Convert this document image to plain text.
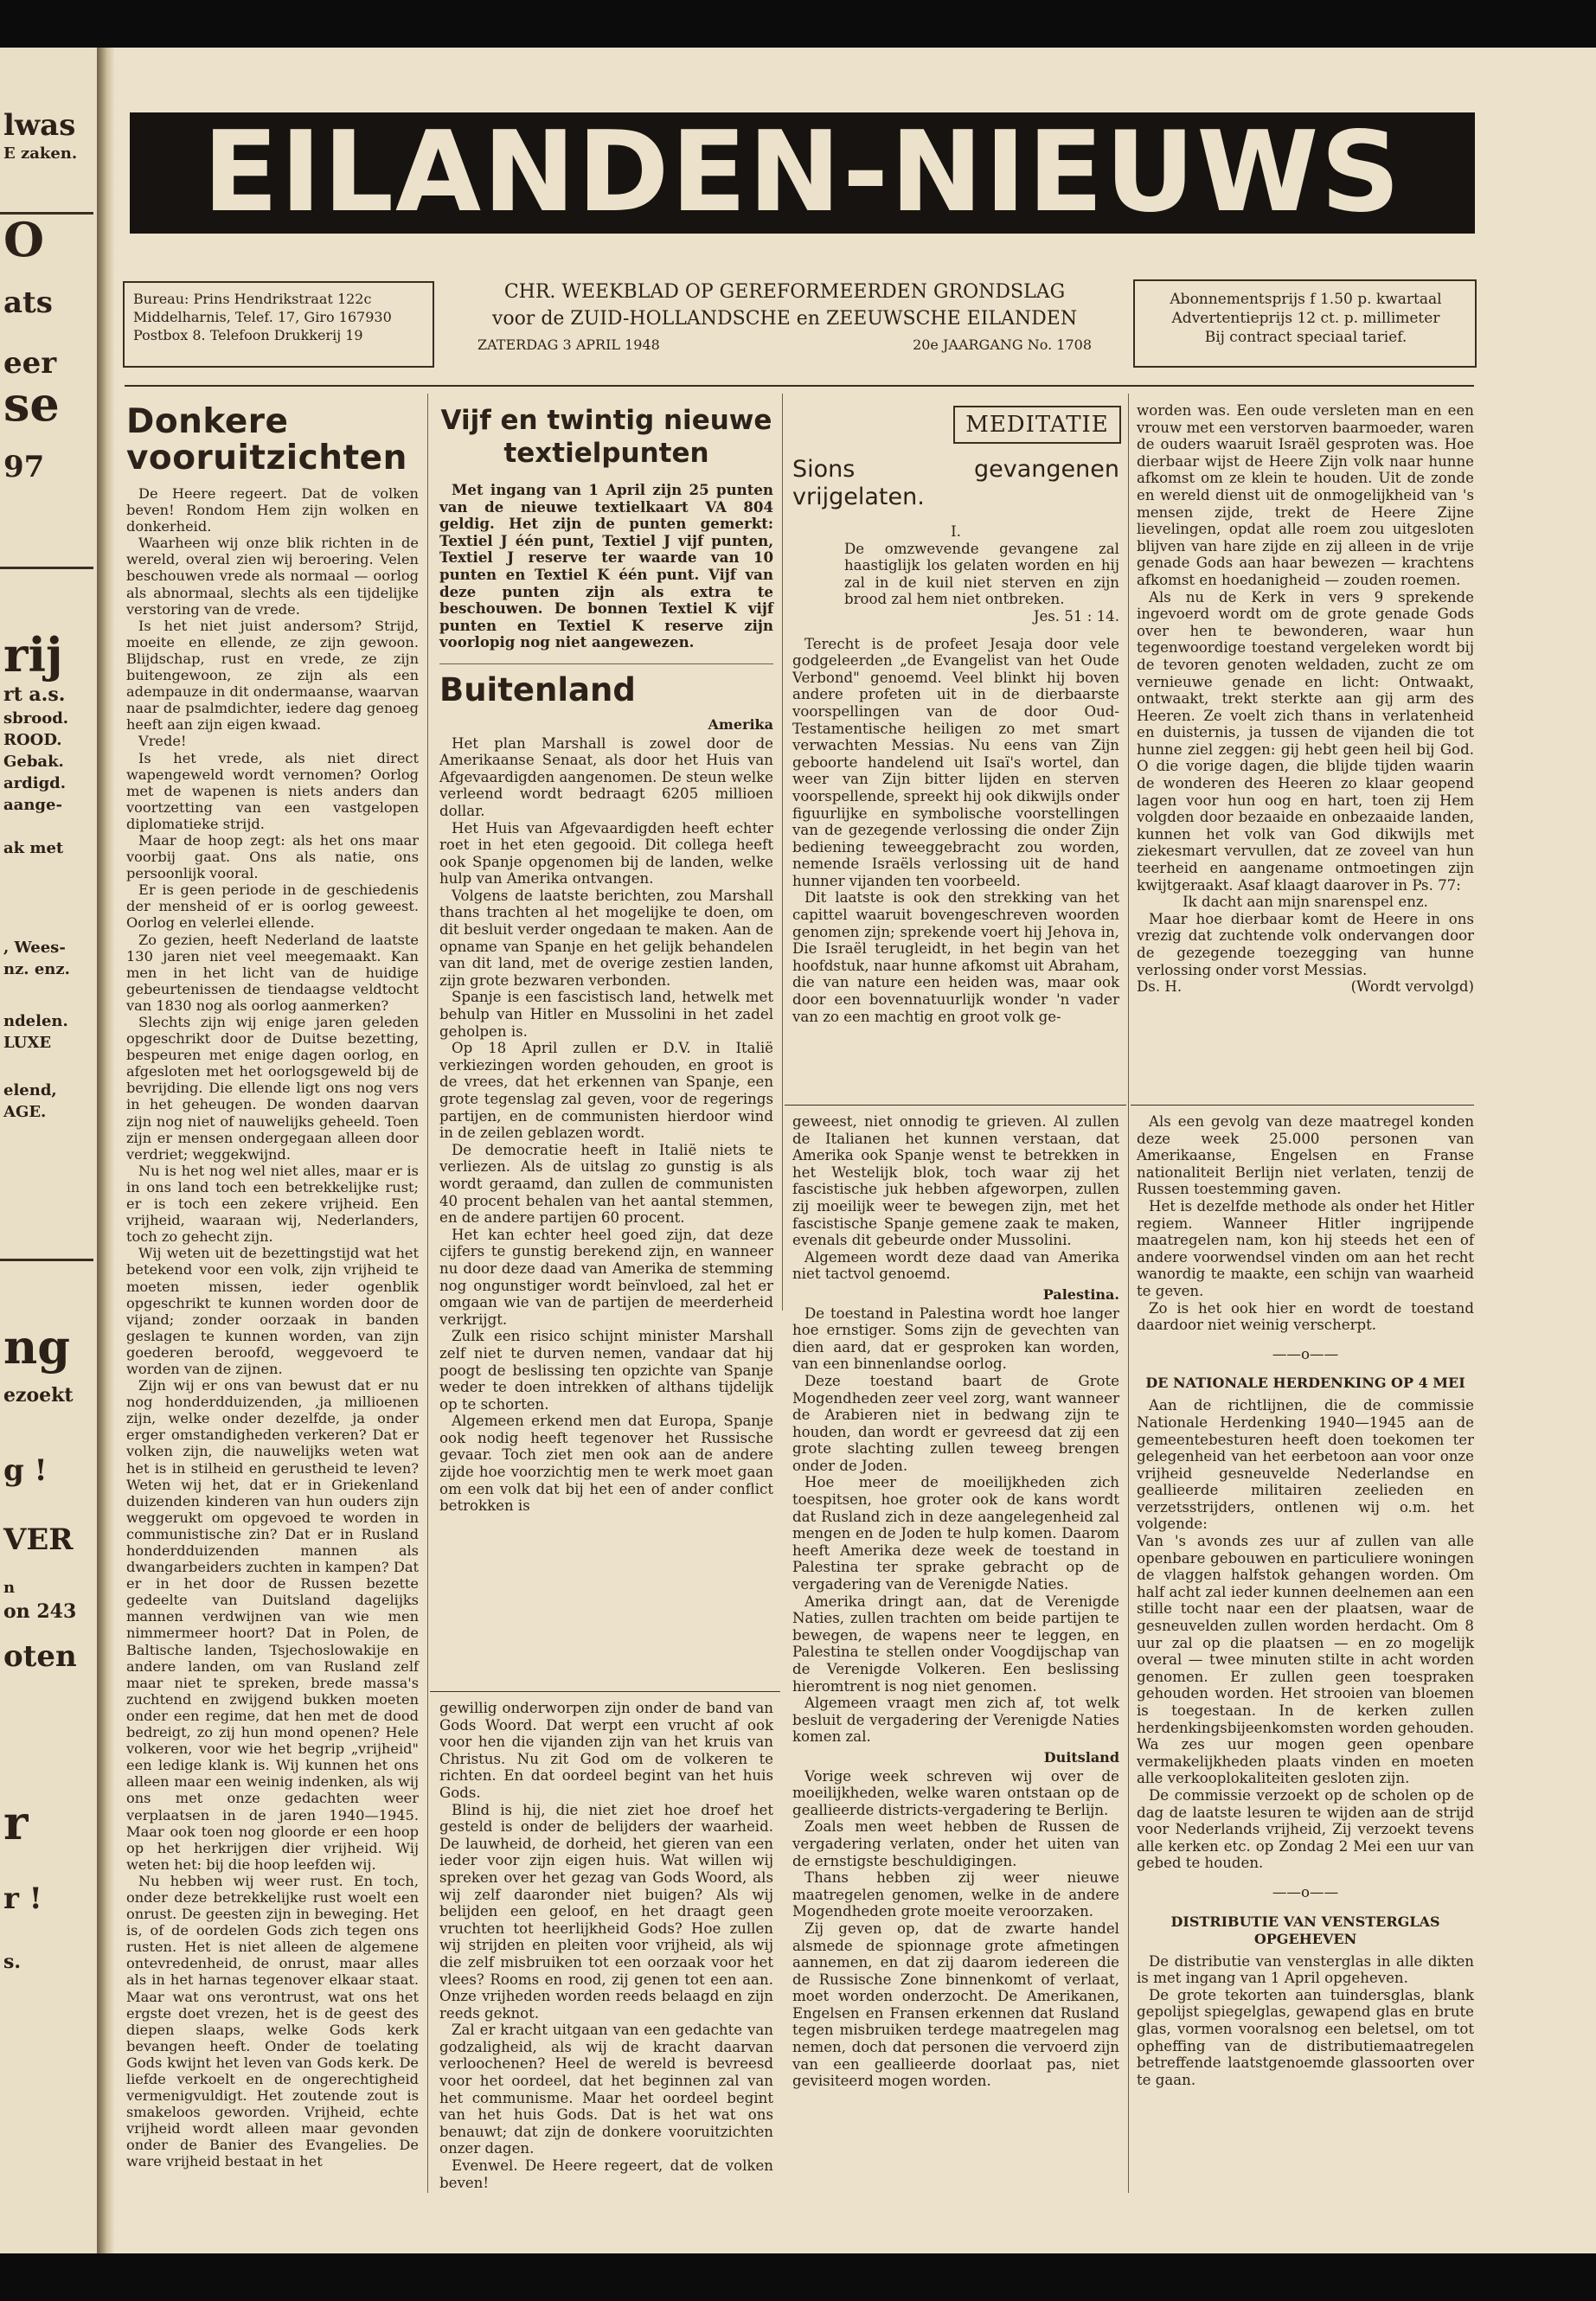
lwas
E zaken.
O
ats
eer
se
97
rij
rt a.s.
sbrood.
ROOD.
Gebak.
ardigd.
aange-
ak met
, Wees-
nz. enz.
ndelen.
LUXE
elend,
AGE.
ng
ezoekt
g !
VER
n
on 243
oten
r
r !
s.
EILANDEN-NIEUWS
Bureau: Prins Hendrikstraat 122c
Middelharnis, Telef. 17, Giro 167930
Postbox 8. Telefoon Drukkerij 19
CHR. WEEKBLAD OP GEREFORMEERDEN GRONDSLAG
voor de ZUID-HOLLANDSCHE en ZEEUWSCHE EILANDEN
ZATERDAG 3 APRIL 1948	20e JAARGANG No. 1708
Abonnementsprijs f 1.50 p. kwartaal
Advertentieprijs 12 ct. p. millimeter
Bij contract speciaal tarief.
Donkere vooruitzichten

De Heere regeert. Dat de volken beven! Rondom Hem zijn wolken en donkerheid.

Waarheen wij onze blik richten in de wereld, overal zien wij beroering. Velen beschouwen vrede als normaal — oorlog als abnormaal, slechts als een tijdelijke verstoring van de vrede.

Is het niet juist andersom? Strijd, moeite en ellende, ze zijn gewoon. Blijdschap, rust en vrede, ze zijn buitengewoon, ze zijn als een adempauze in dit ondermaanse, waarvan naar de psalmdichter, iedere dag genoeg heeft aan zijn eigen kwaad.

Vrede!

Is het vrede, als niet direct wapengeweld wordt vernomen? Oorlog met de wapenen is niets anders dan voortzetting van een vastgelopen diplomatieke strijd.

Maar de hoop zegt: als het ons maar voorbij gaat. Ons als natie, ons persoonlijk vooral.

Er is geen periode in de geschiedenis der mensheid of er is oorlog geweest. Oorlog en velerlei ellende.

Zo gezien, heeft Nederland de laatste 130 jaren niet veel meegemaakt. Kan men in het licht van de huidige gebeurtenissen de tiendaagse veldtocht van 1830 nog als oorlog aanmerken?

Slechts zijn wij enige jaren geleden opgeschrikt door de Duitse bezetting, bespeuren met enige dagen oorlog, en afgesloten met het oorlogsgeweld bij de bevrijding. Die ellende ligt ons nog vers in het geheugen. De wonden daarvan zijn nog niet of nauwelijks geheeld. Toen zijn er mensen ondergegaan alleen door verdriet; weggekwijnd.

Nu is het nog wel niet alles, maar er is in ons land toch een betrekkelijke rust; er is toch een zekere vrijheid. Een vrijheid, waaraan wij, Nederlanders, toch zo gehecht zijn.

Wij weten uit de bezettingstijd wat het betekend voor een volk, zijn vrijheid te moeten missen, ieder ogenblik opgeschrikt te kunnen worden door de vijand; zonder oorzaak in banden geslagen te kunnen worden, van zijn goederen beroofd, weggevoerd te worden van de zijnen.

Zijn wij er ons van bewust dat er nu nog honderdduizenden, ,ja millioenen zijn, welke onder dezelfde, ja onder erger omstandigheden verkeren? Dat er volken zijn, die nauwelijks weten wat het is in stilheid en gerustheid te leven? Weten wij het, dat er in Griekenland duizenden kinderen van hun ouders zijn weggerukt om opgevoed te worden in communistische zin? Dat er in Rusland honderdduizenden mannen als dwangarbeiders zuchten in kampen? Dat er in het door de Russen bezette gedeelte van Duitsland dagelijks mannen verdwijnen van wie men nimmermeer hoort? Dat in Polen, de Baltische landen, Tsjechoslowakije en andere landen, om van Rusland zelf maar niet te spreken, brede massa's zuchtend en zwijgend bukken moeten onder een regime, dat hen met de dood bedreigt, zo zij hun mond openen? Hele volkeren, voor wie het begrip „vrijheid" een ledige klank is. Wij kunnen het ons alleen maar een weinig indenken, als wij ons met onze gedachten weer verplaatsen in de jaren 1940—1945. Maar ook toen nog gloorde er een hoop op het herkrijgen dier vrijheid. Wij weten het: bij die hoop leefden wij.

Nu hebben wij weer rust. En toch, onder deze betrekkelijke rust woelt een onrust. De geesten zijn in beweging. Het is, of de oordelen Gods zich tegen ons rusten. Het is niet alleen de algemene ontevredenheid, de onrust, maar alles als in het harnas tegenover elkaar staat. Maar wat ons verontrust, wat ons het ergste doet vrezen, het is de geest des diepen slaaps, welke Gods kerk bevangen heeft. Onder de toelating Gods kwijnt het leven van Gods kerk. De liefde verkoelt en de ongerechtigheid vermenigvuldigt. Het zoutende zout is smakeloos geworden. Vrijheid, echte vrijheid wordt alleen maar gevonden onder de Banier des Evangelies. De ware vrijheid bestaat in het

Vijf en twintig nieuwe textielpunten

Met ingang van 1 April zijn 25 punten van de nieuwe textielkaart VA 804 geldig. Het zijn de punten gemerkt: Textiel J één punt, Textiel J vijf punten, Textiel J reserve ter waarde van 10 punten en Textiel K één punt. Vijf van deze punten zijn als extra te beschouwen. De bonnen Textiel K vijf punten en Textiel K reserve zijn voorlopig nog niet aangewezen.

Buitenland
Amerika

Het plan Marshall is zowel door de Amerikaanse Senaat, als door het Huis van Afgevaardigden aangenomen. De steun welke verleend wordt bedraagt 6205 millioen dollar.

Het Huis van Afgevaardigden heeft echter roet in het eten gegooid. Dit collega heeft ook Spanje opgenomen bij de landen, welke hulp van Amerika ontvangen.

Volgens de laatste berichten, zou Marshall thans trachten al het mogelijke te doen, om dit besluit verder ongedaan te maken. Aan de opname van Spanje en het gelijk behandelen van dit land, met de overige zestien landen, zijn grote bezwaren verbonden.

Spanje is een fascistisch land, hetwelk met behulp van Hitler en Mussolini in het zadel geholpen is.

Op 18 April zullen er D.V. in Italië verkiezingen worden gehouden, en groot is de vrees, dat het erkennen van Spanje, een grote tegenslag zal geven, voor de regerings partijen, en de communisten hierdoor wind in de zeilen geblazen wordt.

De democratie heeft in Italië niets te verliezen. Als de uitslag zo gunstig is als wordt geraamd, dan zullen de communisten 40 procent behalen van het aantal stemmen, en de andere partijen 60 procent.

Het kan echter heel goed zijn, dat deze cijfers te gunstig berekend zijn, en wanneer nu door deze daad van Amerika de stemming nog ongunstiger wordt beïnvloed, zal het er omgaan wie van de partijen de meerderheid verkrijgt.

Zulk een risico schijnt minister Marshall zelf niet te durven nemen, vandaar dat hij poogt de beslissing ten opzichte van Spanje weder te doen intrekken of althans tijdelijk op te schorten.

Algemeen erkend men dat Europa, Spanje ook nodig heeft tegenover het Russische gevaar. Toch ziet men ook aan de andere zijde hoe voorzichtig men te werk moet gaan om een volk dat bij het een of ander conflict betrokken is

MEDITATIE
Sions gevangenen vrijgelaten.
I.

De omzwevende gevangene zal haastiglijk los gelaten worden en hij zal in de kuil niet sterven en zijn brood zal hem niet ontbreken.

Jes. 51 : 14.

Terecht is de profeet Jesaja door vele godgeleerden „de Evangelist van het Oude Verbond" genoemd. Veel blinkt hij boven andere profeten uit in de dierbaarste voorspellingen van de door Oud-Testamentische heiligen zo met smart verwachten Messias. Nu eens van Zijn geboorte handelend uit Isaï's wortel, dan weer van Zijn bitter lijden en sterven voorspellende, spreekt hij ook dikwijls onder figuurlijke en symbolische voorstellingen van de gezegende verlossing die onder Zijn bediening teweeggebracht zou worden, nemende Israëls verlossing uit de hand hunner vijanden ten voorbeeld.

Dit laatste is ook den strekking van het capittel waaruit bovengeschreven woorden genomen zijn; sprekende voert hij Jehova in, Die Israël terugleidt, in het begin van het hoofdstuk, naar hunne afkomst uit Abraham, die van nature een heiden was, maar ook door een bovennatuurlijk wonder 'n vader van zo een machtig en groot volk ge-

worden was. Een oude versleten man en een vrouw met een verstorven baarmoeder, waren de ouders waaruit Israël gesproten was. Hoe dierbaar wijst de Heere Zijn volk naar hunne afkomst om ze klein te houden. Uit de zonde en wereld dienst uit de onmogelijkheid van 's mensen zijde, trekt de Heere Zijne lievelingen, opdat alle roem zou uitgesloten blijven van hare zijde en zij alleen in de vrije genade Gods aan haar bewezen — krachtens afkomst en hoedanigheid — zouden roemen.

Als nu de Kerk in vers 9 sprekende ingevoerd wordt om de grote genade Gods over hen te bewonderen, waar hun tegenwoordige toestand vergeleken wordt bij de tevoren genoten weldaden, zucht ze om vernieuwe genade en licht: Ontwaakt, ontwaakt, trekt sterkte aan gij arm des Heeren. Ze voelt zich thans in verlatenheid en duisternis, ja tussen de vijanden die tot hunne ziel zeggen: gij hebt geen heil bij God. O die vorige dagen, die blijde tijden waarin de wonderen des Heeren zo klaar geopend lagen voor hun oog en hart, toen zij Hem volgden door bezaaide en onbezaaide landen, kunnen het volk van God dikwijls met ziekesmart vervullen, dat ze zoveel van hun teerheid en aangename ontmoetingen zijn kwijtgeraakt. Asaf klaagt daarover in Ps. 77:

Ik dacht aan mijn snarenspel enz.

Maar hoe dierbaar komt de Heere in ons vrezig dat zuchtende volk ondervangen door de gezegende toezegging van hunne verlossing onder vorst Messias.

Ds. H.	(Wordt vervolgd)

gewillig onderworpen zijn onder de band van Gods Woord. Dat werpt een vrucht af ook voor hen die vijanden zijn van het kruis van Christus. Nu zit God om de volkeren te richten. En dat oordeel begint van het huis Gods.

Blind is hij, die niet ziet hoe droef het gesteld is onder de belijders der waarheid. De lauwheid, de dorheid, het gieren van een ieder voor zijn eigen huis. Wat willen wij spreken over het gezag van Gods Woord, als wij zelf daaronder niet buigen? Als wij belijden een geloof, en het draagt geen vruchten tot heerlijkheid Gods? Hoe zullen wij strijden en pleiten voor vrijheid, als wij die zelf misbruiken tot een oorzaak voor het vlees? Rooms en rood, zij genen tot een aan. Onze vrijheden worden reeds belaagd en zijn reeds geknot.

Zal er kracht uitgaan van een gedachte van godzaligheid, als wij de kracht daarvan verloochenen? Heel de wereld is bevreesd voor het oordeel, dat het beginnen zal van het communisme. Maar het oordeel begint van het huis Gods. Dat is het wat ons benauwt; dat zijn de donkere vooruitzichten onzer dagen.

Evenwel. De Heere regeert, dat de volken beven!

geweest, niet onnodig te grieven. Al zullen de Italianen het kunnen verstaan, dat Amerika ook Spanje wenst te betrekken in het Westelijk blok, toch waar zij het fascistische juk hebben afgeworpen, zullen zij moeilijk weer te bewegen zijn, met het fascistische Spanje gemene zaak te maken, evenals dit gebeurde onder Mussolini.

Algemeen wordt deze daad van Amerika niet tactvol genoemd.

Palestina.

De toestand in Palestina wordt hoe langer hoe ernstiger. Soms zijn de gevechten van dien aard, dat er gesproken kan worden, van een binnenlandse oorlog.

Deze toestand baart de Grote Mogendheden zeer veel zorg, want wanneer de Arabieren niet in bedwang zijn te houden, dan wordt er gevreesd dat zij een grote slachting zullen teweeg brengen onder de Joden.

Hoe meer de moeilijkheden zich toespitsen, hoe groter ook de kans wordt dat Rusland zich in deze aangelegenheid zal mengen en de Joden te hulp komen. Daarom heeft Amerika deze week de toestand in Palestina ter sprake gebracht op de vergadering van de Verenigde Naties.

Amerika dringt aan, dat de Verenigde Naties, zullen trachten om beide partijen te bewegen, de wapens neer te leggen, en Palestina te stellen onder Voogdijschap van de Verenigde Volkeren. Een beslissing hieromtrent is nog niet genomen.

Algemeen vraagt men zich af, tot welk besluit de vergadering der Verenigde Naties komen zal.

Duitsland

Vorige week schreven wij over de moeilijkheden, welke waren ontstaan op de geallieerde districts-vergadering te Berlijn.

Zoals men weet hebben de Russen de vergadering verlaten, onder het uiten van de ernstigste beschuldigingen.

Thans hebben zij weer nieuwe maatregelen genomen, welke in de andere Mogendheden grote moeite veroorzaken.

Zij geven op, dat de zwarte handel alsmede de spionnage grote afmetingen aannemen, en dat zij daarom iedereen die de Russische Zone binnenkomt of verlaat, moet worden onderzocht. De Amerikanen, Engelsen en Fransen erkennen dat Rusland tegen misbruiken terdege maatregelen mag nemen, doch dat personen die vervoerd zijn van een geallieerde doorlaat pas, niet gevisiteerd mogen worden.

Als een gevolg van deze maatregel konden deze week 25.000 personen van Amerikaanse, Engelsen en Franse nationaliteit Berlijn niet verlaten, tenzij de Russen toestemming gaven.

Het is dezelfde methode als onder het Hitler regiem. Wanneer Hitler ingrijpende maatregelen nam, kon hij steeds het een of andere voorwendsel vinden om aan het recht wanordig te maakte, een schijn van waarheid te geven.

Zo is het ook hier en wordt de toestand daardoor niet weinig verscherpt.

——o——
DE NATIONALE HERDENKING OP 4 MEI

Aan de richtlijnen, die de commissie Nationale Herdenking 1940—1945 aan de gemeentebesturen heeft doen toekomen ter gelegenheid van het eerbetoon aan voor onze vrijheid gesneuvelde Nederlandse en geallieerde militairen zeelieden en verzetsstrijders, ontlenen wij o.m. het volgende:

Van 's avonds zes uur af zullen van alle openbare gebouwen en particuliere woningen de vlaggen halfstok gehangen worden. Om half acht zal ieder kunnen deelnemen aan een stille tocht naar een der plaatsen, waar de gesneuvelden zullen worden herdacht. Om 8 uur zal op die plaatsen — en zo mogelijk overal — twee minuten stilte in acht worden genomen. Er zullen geen toespraken gehouden worden. Het strooien van bloemen is toegestaan. In de kerken zullen herdenkingsbijeenkomsten worden gehouden. Wa zes uur mogen geen openbare vermakelijkheden plaats vinden en moeten alle verkooplokaliteiten gesloten zijn.

De commissie verzoekt op de scholen op de dag de laatste lesuren te wijden aan de strijd voor Nederlands vrijheid, Zij verzoekt tevens alle kerken etc. op Zondag 2 Mei een uur van gebed te houden.

——o——
DISTRIBUTIE VAN VENSTERGLAS OPGEHEVEN

De distributie van vensterglas in alle dikten is met ingang van 1 April opgeheven.

De grote tekorten aan tuindersglas, blank gepolijst spiegelglas, gewapend glas en brute glas, vormen vooralsnog een beletsel, om tot opheffing van de distributiemaatregelen betreffende laatstgenoemde glassoorten over te gaan.
